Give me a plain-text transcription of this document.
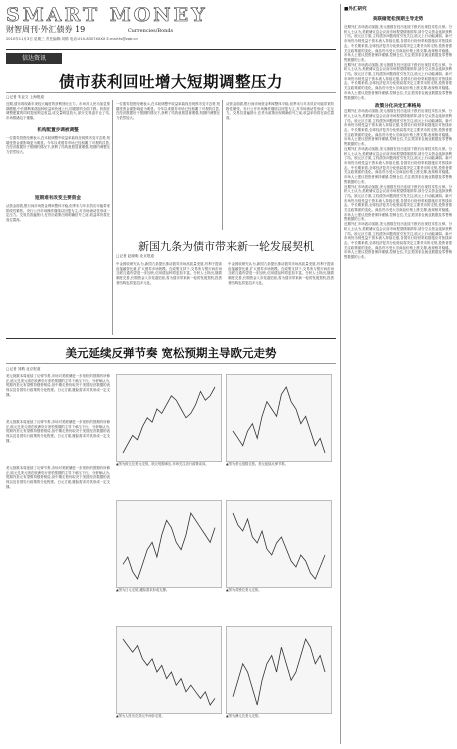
SMART MONEY
财智周刊·外汇债券 19	Currencies/Bonds
2010年11月3日 星期三 责任编辑:刘鹤 电话:010-8307XXXX E-mail:fx@zqb.cn
信达资讯
债市获利回吐增大短期调整压力
□记者 朱亚文 上海报道
近期,债市再现新年来较大幅度的获利回吐压力。市场对人民币加息预期增强,中长期利率债品种收益率快速上行,国债期货全面下跌。机构在调整配置的同时提前锁定收益,成交量明显放大,部分交易盘平仓了结,市场情绪趋于谨慎。
机构配置步调被调整
一位债券投资经理表示,在本轮调整中收益率曲线呈现熊市变平态势,短端受资金面影响更为明显。今年以来债券市场已经积累了可观的浮盈,在经济数据好于预期的情况下,获利了结的意愿显著增强,短期内调整压力依然较大。
一位债券投资经理表示,在本轮调整中收益率曲线呈现熊市变平态势,短端受资金面影响更为明显。今年以来债券市场已经积累了可观的浮盈,在经济数据好于预期的情况下,获利了结的意愿显著增强,短期内调整压力依然较大。
从资金面看,银行间市场资金利率整体平稳,但季末与年末效应可能带来阶段性紧张。央行公开市场操作继续以回笼为主,对市场流动性形成一定压力。交易员普遍预计,在货币政策出现明确信号之前,收益率仍将在高位震荡。
短期难有改变主要资金
从资金面看,银行间市场资金利率整体平稳,但季末与年末效应可能带来阶段性紧张。央行公开市场操作继续以回笼为主,对市场流动性形成一定压力。交易员普遍预计,在货币政策出现明确信号之前,收益率仍将在高位震荡。
新国九条为债市带来新一轮发展契机
□记者 赵晓明 北京报道
中金固收研究认为,新国九条提出推动债券市场高质量发展,有利于提高直接融资比重,扩大债券市场规模。在政策支持下,交易所与银行间市场互联互通有望进一步加快,信用债品种将更加丰富。分析人士指出,随着制度完善,长期资金入市渠道拓宽,将为债市带来新一轮的发展契机,投资者结构也将更趋多元化。
中金固收研究认为,新国九条提出推动债券市场高质量发展,有利于提高直接融资比重,扩大债券市场规模。在政策支持下,交易所与银行间市场互联互通有望进一步加快,信用债品种将更加丰富。分析人士指出,随着制度完善,长期资金入市渠道拓宽,将为债市带来新一轮的发展契机,投资者结构也将更趋多元化。
美元延续反弹节奏 宽松预期主导欧元走势
□记者 刘鹤 北京报道
美元指数本周延续了反弹节奏,市场对美联储进一步宽松的预期有所修正,欧元兑美元则在欧洲央行宽松预期的主导下承压下行。分析师认为,短期内美元有望维持强势格局,但中期走势仍取决于美国经济数据的表现以及各国央行政策的分化程度。日元方面,避险需求对其形成一定支撑。
美元指数本周延续了反弹节奏,市场对美联储进一步宽松的预期有所修正,欧元兑美元则在欧洲央行宽松预期的主导下承压下行。分析师认为,短期内美元有望维持强势格局,但中期走势仍取决于美国经济数据的表现以及各国央行政策的分化程度。日元方面,避险需求对其形成一定支撑。
美元指数本周延续了反弹节奏,市场对美联储进一步宽松的预期有所修正,欧元兑美元则在欧洲央行宽松预期的主导下承压下行。分析师认为,短期内美元有望维持强势格局,但中期走势仍取决于美国经济数据的表现以及各国央行政策的分化程度。日元方面,避险需求对其形成一定支撑。
▲图为欧元兑美元走势。欧元短期承压,市场关注央行政策动向。	▲图为美元指数走势。美元延续反弹节奏。
▲图为日元走势,避险需求形成支撑。	▲图为英镑兑美元走势。
▲图为人民币兑美元中间价走势。	▲图为澳元兑美元走势。
■外汇研究
美联储宽松预期主导走势
近期外汇市场波动加剧,美元指数在经历连续下跌后出现技术性反弹。分析人士认为,美联储议息会议前市场观望情绪浓厚,部分空头资金选择获利了结。欧元区方面,主权债务问题再度引发关注,欧元上行动能减弱。新兴市场货币则受益于资本流入持续走强,各国央行纷纷采取措施应对热钱冲击。中长期来看,全球经济复苏分化格局将决定主要货币的走势,投资者需关注政策面的变化。商品货币受大宗商品价格上涨支撑,表现相对稳健。市场人士建议投资者保持谨慎,控制仓位,关注美国非农就业数据及零售销售数据的公布。
近期外汇市场波动加剧,美元指数在经历连续下跌后出现技术性反弹。分析人士认为,美联储议息会议前市场观望情绪浓厚,部分空头资金选择获利了结。欧元区方面,主权债务问题再度引发关注,欧元上行动能减弱。新兴市场货币则受益于资本流入持续走强,各国央行纷纷采取措施应对热钱冲击。中长期来看,全球经济复苏分化格局将决定主要货币的走势,投资者需关注政策面的变化。商品货币受大宗商品价格上涨支撑,表现相对稳健。市场人士建议投资者保持谨慎,控制仓位,关注美国非农就业数据及零售销售数据的公布。
政策分化决定汇率格局
近期外汇市场波动加剧,美元指数在经历连续下跌后出现技术性反弹。分析人士认为,美联储议息会议前市场观望情绪浓厚,部分空头资金选择获利了结。欧元区方面,主权债务问题再度引发关注,欧元上行动能减弱。新兴市场货币则受益于资本流入持续走强,各国央行纷纷采取措施应对热钱冲击。中长期来看,全球经济复苏分化格局将决定主要货币的走势,投资者需关注政策面的变化。商品货币受大宗商品价格上涨支撑,表现相对稳健。市场人士建议投资者保持谨慎,控制仓位,关注美国非农就业数据及零售销售数据的公布。
近期外汇市场波动加剧,美元指数在经历连续下跌后出现技术性反弹。分析人士认为,美联储议息会议前市场观望情绪浓厚,部分空头资金选择获利了结。欧元区方面,主权债务问题再度引发关注,欧元上行动能减弱。新兴市场货币则受益于资本流入持续走强,各国央行纷纷采取措施应对热钱冲击。中长期来看,全球经济复苏分化格局将决定主要货币的走势,投资者需关注政策面的变化。商品货币受大宗商品价格上涨支撑,表现相对稳健。市场人士建议投资者保持谨慎,控制仓位,关注美国非农就业数据及零售销售数据的公布。
近期外汇市场波动加剧,美元指数在经历连续下跌后出现技术性反弹。分析人士认为,美联储议息会议前市场观望情绪浓厚,部分空头资金选择获利了结。欧元区方面,主权债务问题再度引发关注,欧元上行动能减弱。新兴市场货币则受益于资本流入持续走强,各国央行纷纷采取措施应对热钱冲击。中长期来看,全球经济复苏分化格局将决定主要货币的走势,投资者需关注政策面的变化。商品货币受大宗商品价格上涨支撑,表现相对稳健。市场人士建议投资者保持谨慎,控制仓位,关注美国非农就业数据及零售销售数据的公布。
近期外汇市场波动加剧,美元指数在经历连续下跌后出现技术性反弹。分析人士认为,美联储议息会议前市场观望情绪浓厚,部分空头资金选择获利了结。欧元区方面,主权债务问题再度引发关注,欧元上行动能减弱。新兴市场货币则受益于资本流入持续走强,各国央行纷纷采取措施应对热钱冲击。中长期来看,全球经济复苏分化格局将决定主要货币的走势,投资者需关注政策面的变化。商品货币受大宗商品价格上涨支撑,表现相对稳健。市场人士建议投资者保持谨慎,控制仓位,关注美国非农就业数据及零售销售数据的公布。
